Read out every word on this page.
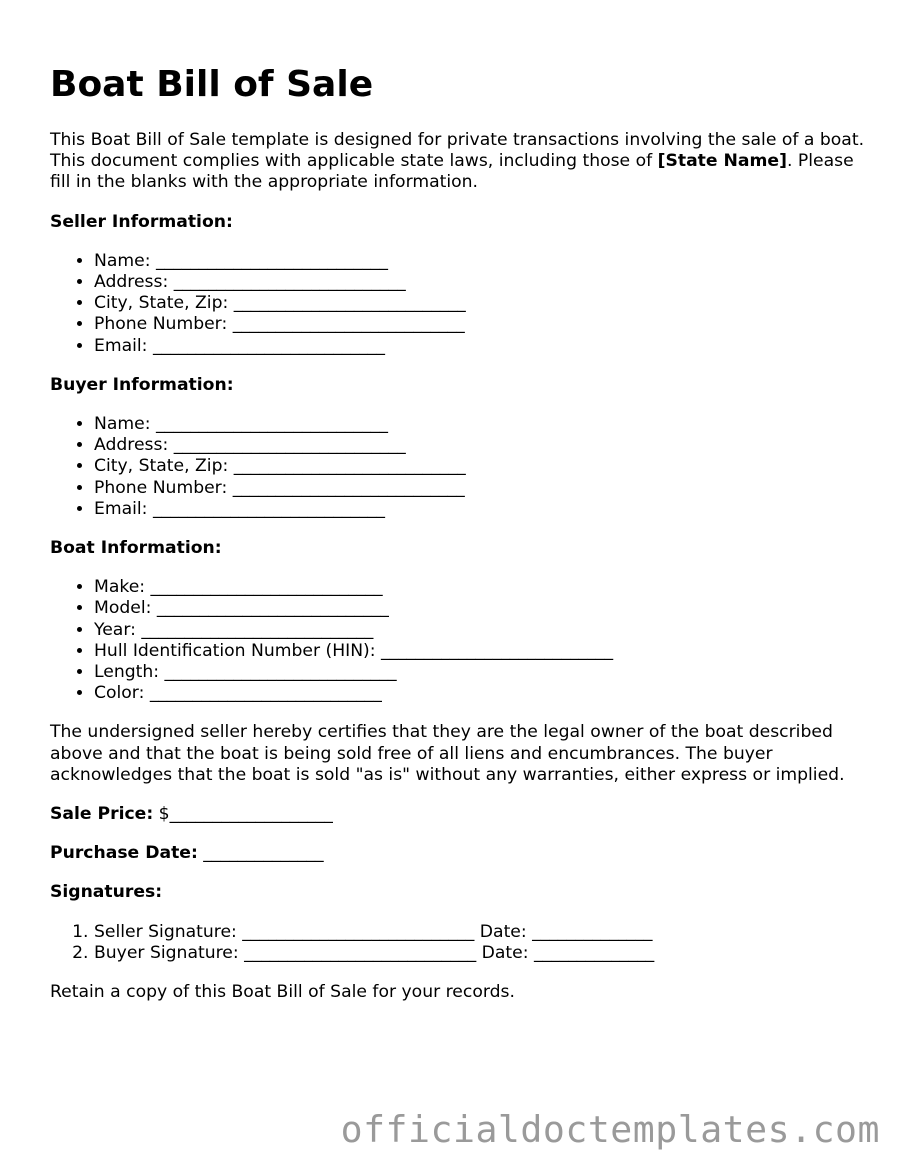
Boat Bill of Sale

This Boat Bill of Sale template is designed for private transactions involving the sale of a boat. This document complies with applicable state laws, including those of [State Name]. Please fill in the blanks with the appropriate information.

Seller Information:
• Name: ___________________________
• Address: ___________________________
• City, State, Zip: ___________________________
• Phone Number: ___________________________
• Email: ___________________________
Buyer Information:
• Name: ___________________________
• Address: ___________________________
• City, State, Zip: ___________________________
• Phone Number: ___________________________
• Email: ___________________________
Boat Information:
• Make: ___________________________
• Model: ___________________________
• Year: ___________________________
• Hull Identification Number (HIN): ___________________________
• Length: ___________________________
• Color: ___________________________

The undersigned seller hereby certifies that they are the legal owner of the boat described above and that the boat is being sold free of all liens and encumbrances. The buyer acknowledges that the boat is sold "as is" without any warranties, either express or implied.

Sale Price: $___________________

Purchase Date: ______________

Signatures:
1. Seller Signature: ___________________________ Date: ______________
2. Buyer Signature: ___________________________ Date: ______________

Retain a copy of this Boat Bill of Sale for your records.

officialdoctemplates.com
